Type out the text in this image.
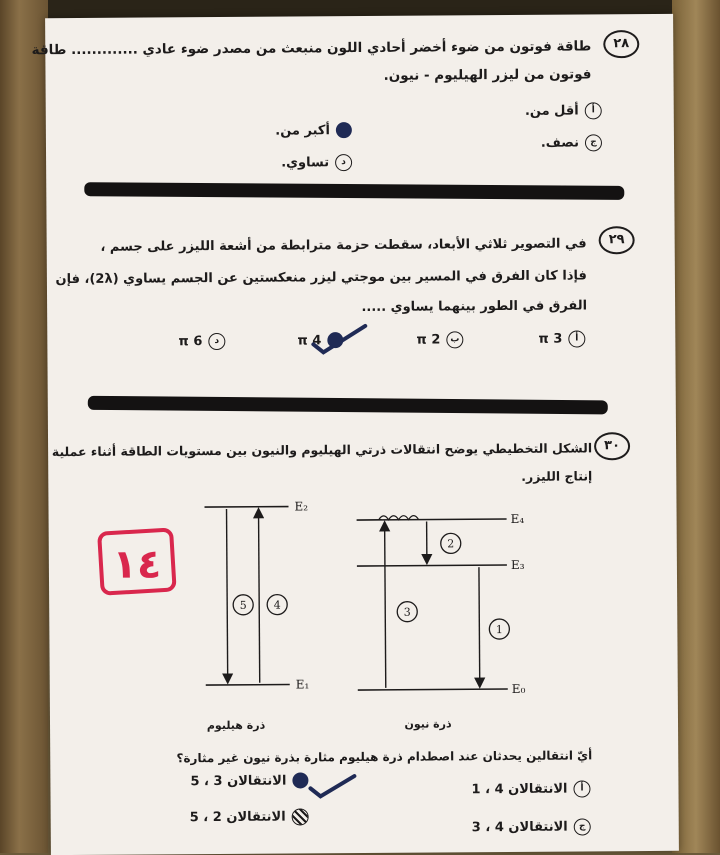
٢٨
طاقة فوتون من ضوء أخضر أحادي اللون منبعث من مصدر ضوء عادي ............. طاقة
فوتون من ليزر الهيليوم - نيون.
أ
أقل من.
أكبر من.
ج
نصف.
د
تساوي.
٢٩
في التصوير ثلاثي الأبعاد، سقطت حزمة مترابطة من أشعة الليزر على جسم ،
فإذا كان الفرق في المسير بين موجتي ليزر منعكستين عن الجسم يساوي (2λ)، فإن
الفرق في الطور بينهما يساوي .....
أ
3 π
ب
2 π
4 π
د
6 π
٣٠
الشكل التخطيطي يوضح انتقالات ذرتي الهيليوم والنيون بين مستويات الطاقة أثناء عملية
إنتاج الليزر.
١٤
E₂
E₁
4
5
ذرة هيليوم
E₄
E₃
E₀
2
3
1
ذرة نيون
أيّ انتقالين يحدثان عند اصطدام ذرة هيليوم مثارة بذرة نيون غير مثارة؟
أ
الانتقالان 4 ، 1
الانتقالان 3 ، 5
ج
الانتقالان 4 ، 3
الانتقالان 2 ، 5
